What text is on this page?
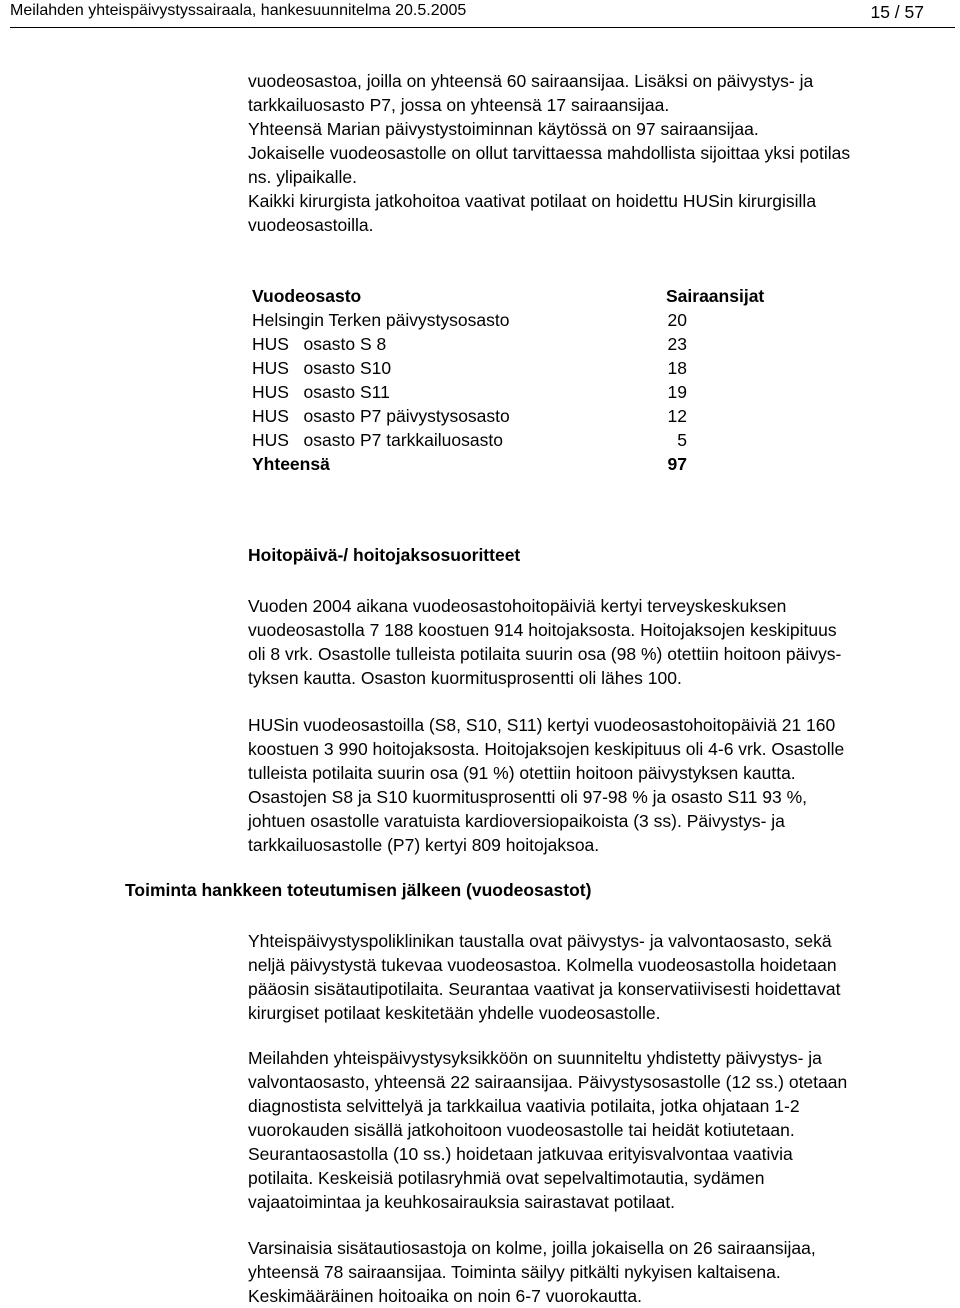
Meilahden yhteispäivystyssairaala, hankesuunnitelma 20.5.2005	15 / 57
vuodeosastoa, joilla on yhteensä 60 sairaansijaa. Lisäksi on päivystys- ja
tarkkailuosasto P7, jossa on yhteensä 17 sairaansijaa.
Yhteensä Marian päivystystoiminnan käytössä on 97 sairaansijaa.
Jokaiselle vuodeosastolle on ollut tarvittaessa mahdollista sijoittaa yksi potilas
ns. ylipaikalle.
Kaikki kirurgista jatkohoitoa vaativat potilaat on hoidettu HUSin kirurgisilla
vuodeosastoilla.
Vuodeosasto	Sairaansijat
Helsingin Terken päivystysosasto	20
HUS   osasto S 8	23
HUS   osasto S10	18
HUS   osasto S11	19
HUS   osasto P7 päivystysosasto	12
HUS   osasto P7 tarkkailuosasto	5
Yhteensä	97
Hoitopäivä-/ hoitojaksosuoritteet
Vuoden 2004 aikana vuodeosastohoitopäiviä kertyi terveyskeskuksen
vuodeosastolla 7 188 koostuen 914 hoitojaksosta. Hoitojaksojen keskipituus
oli 8 vrk. Osastolle tulleista potilaita suurin osa (98 %) otettiin hoitoon päivys-
tyksen kautta. Osaston kuormitusprosentti oli lähes 100.
HUSin vuodeosastoilla (S8, S10, S11) kertyi vuodeosastohoitopäiviä 21 160
koostuen 3 990 hoitojaksosta. Hoitojaksojen keskipituus oli 4-6 vrk. Osastolle
tulleista potilaita suurin osa (91 %) otettiin hoitoon päivystyksen kautta.
Osastojen S8 ja S10 kuormitusprosentti oli 97-98 % ja osasto S11 93 %,
johtuen osastolle varatuista kardioversiopaikoista (3 ss). Päivystys- ja
tarkkailuosastolle (P7) kertyi 809 hoitojaksoa.
Toiminta hankkeen toteutumisen jälkeen (vuodeosastot)
Yhteispäivystyspoliklinikan taustalla ovat päivystys- ja valvontaosasto, sekä
neljä päivystystä tukevaa vuodeosastoa. Kolmella vuodeosastolla hoidetaan
pääosin sisätautipotilaita. Seurantaa vaativat ja konservatiivisesti hoidettavat
kirurgiset potilaat keskitetään yhdelle vuodeosastolle.
Meilahden yhteispäivystysyksikköön on suunniteltu yhdistetty päivystys- ja
valvontaosasto, yhteensä 22 sairaansijaa. Päivystysosastolle (12 ss.) otetaan
diagnostista selvittelyä ja tarkkailua vaativia potilaita, jotka ohjataan 1-2
vuorokauden sisällä jatkohoitoon vuodeosastolle tai heidät kotiutetaan.
Seurantaosastolla (10 ss.) hoidetaan jatkuvaa erityisvalvontaa vaativia
potilaita. Keskeisiä potilasryhmiä ovat sepelvaltimotautia, sydämen
vajaatoimintaa ja keuhkosairauksia sairastavat potilaat.
Varsinaisia sisätautiosastoja on kolme, joilla jokaisella on 26 sairaansijaa,
yhteensä 78 sairaansijaa. Toiminta säilyy pitkälti nykyisen kaltaisena.
Keskimääräinen hoitoaika on noin 6-7 vuorokautta.
